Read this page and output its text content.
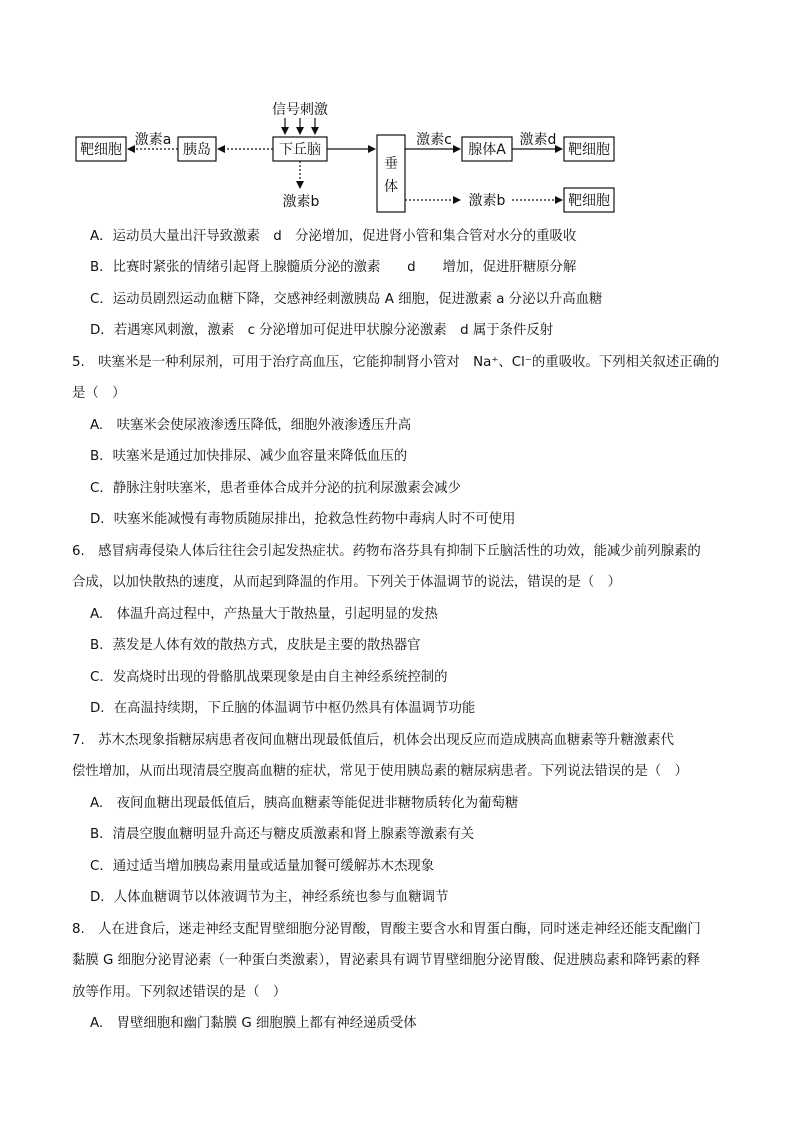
信号刺激
靶细胞	胰岛	下丘脑
垂
体
腺体A	靶细胞
靶细胞
激素a
激素b
激素c	激素d
激素b
A．运动员大量出汗导致激素　d　分泌增加，促进肾小管和集合管对水分的重吸收
B．比赛时紧张的情绪引起肾上腺髓质分泌的激素　　d　　增加，促进肝糖原分解
C．运动员剧烈运动血糖下降，交感神经刺激胰岛 A 细胞，促进激素 a 分泌以升高血糖
D．若遇寒风刺激，激素　c 分泌增加可促进甲状腺分泌激素　d 属于条件反射
5.　呋塞米是一种利尿剂，可用于治疗高血压，它能抑制肾小管对　Na⁺、Cl⁻的重吸收。下列相关叙述正确的
是（　）
A.　呋塞米会使尿液渗透压降低，细胞外液渗透压升高
B．呋塞米是通过加快排尿、减少血容量来降低血压的
C．静脉注射呋塞米，患者垂体合成并分泌的抗利尿激素会减少
D．呋塞米能减慢有毒物质随尿排出，抢救急性药物中毒病人时不可使用
6.　感冒病毒侵染人体后往往会引起发热症状。药物布洛芬具有抑制下丘脑活性的功效，能减少前列腺素的
合成，以加快散热的速度，从而起到降温的作用。下列关于体温调节的说法，错误的是（　）
A.　体温升高过程中，产热量大于散热量，引起明显的发热
B．蒸发是人体有效的散热方式，皮肤是主要的散热器官
C．发高烧时出现的骨骼肌战栗现象是由自主神经系统控制的
D．在高温持续期，下丘脑的体温调节中枢仍然具有体温调节功能
7.　苏木杰现象指糖尿病患者夜间血糖出现最低值后，机体会出现反应而造成胰高血糖素等升糖激素代
偿性增加，从而出现清晨空腹高血糖的症状，常见于使用胰岛素的糖尿病患者。下列说法错误的是（　）
A.　夜间血糖出现最低值后，胰高血糖素等能促进非糖物质转化为葡萄糖
B．清晨空腹血糖明显升高还与糖皮质激素和肾上腺素等激素有关
C．通过适当增加胰岛素用量或适量加餐可缓解苏木杰现象
D．人体血糖调节以体液调节为主，神经系统也参与血糖调节
8.　人在进食后，迷走神经支配胃壁细胞分泌胃酸，胃酸主要含水和胃蛋白酶，同时迷走神经还能支配幽门
黏膜 G 细胞分泌胃泌素（一种蛋白类激素），胃泌素具有调节胃壁细胞分泌胃酸、促进胰岛素和降钙素的释
放等作用。下列叙述错误的是（　）
A.　胃壁细胞和幽门黏膜 G 细胞膜上都有神经递质受体
